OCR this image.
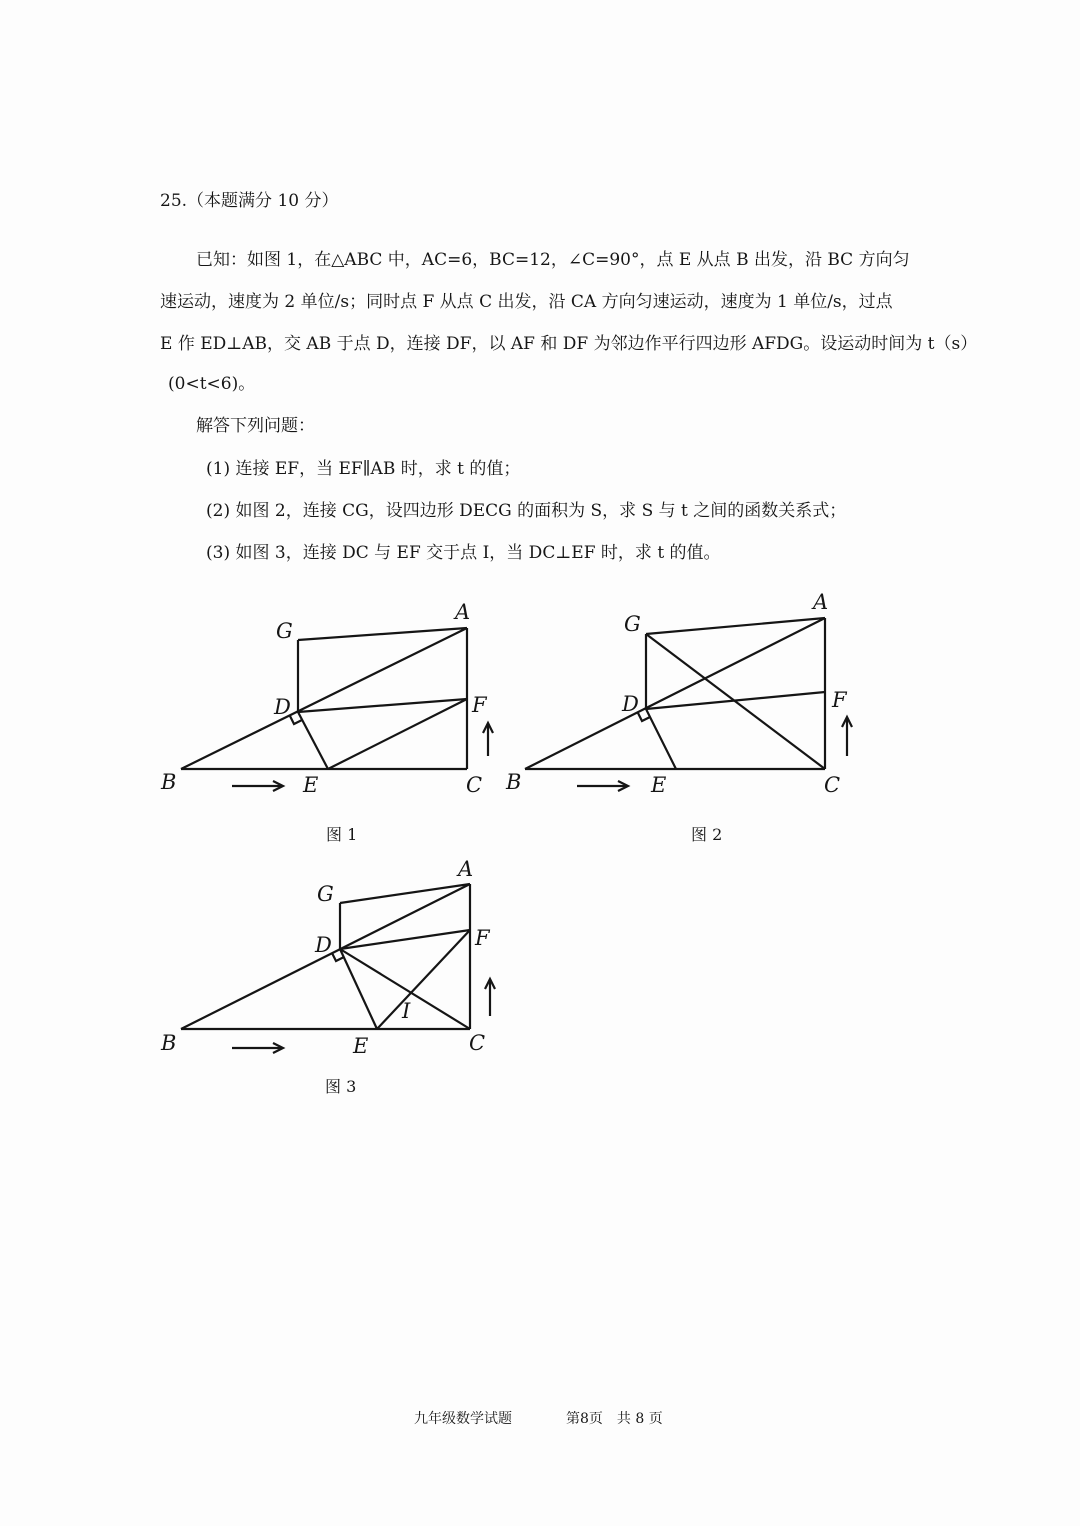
25.（本题满分 10 分）
已知：如图 1，在△ABC 中，AC=6，BC=12，∠C=90°，点 E 从点 B 出发，沿 BC 方向匀
速运动，速度为 2 单位/s；同时点 F 从点 C 出发，沿 CA 方向匀速运动，速度为 1 单位/s，过点
E 作 ED⊥AB，交 AB 于点 D，连接 DF，以 AF 和 DF 为邻边作平行四边形 AFDG。设运动时间为 t（s）
(0<t<6)。
解答下列问题：
(1) 连接 EF，当 EF∥AB 时，求 t 的值；
(2) 如图 2，连接 CG，设四边形 DECG 的面积为 S，求 S 与 t 之间的函数关系式；
(3) 如图 3，连接 DC 与 EF 交于点 I，当 DC⊥EF 时，求 t 的值。
A
G
D	F
B	E	C
A
G
D	F
B	E	C
A
G
D	F
I
B	E	C
图 1	图 2
图 3
九年级数学试题	第8页　共 8 页
